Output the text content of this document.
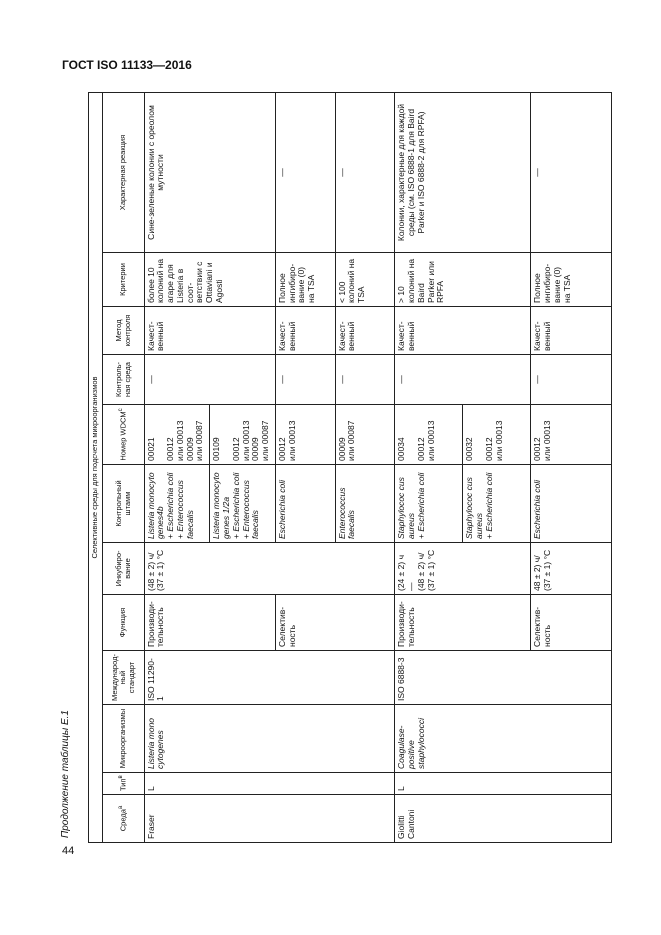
ГОСТ ISO 11133—2016
Продолжение таблицы Е.1
44
Селективные среды для подсчета микроорганизмов											
Среда$^а$	Тип$^в$	Микроорганизмы	Международный стандарт	Функция	Инкубирование	Контрольный штамм	Номер $WDCM^с$	Контрольная среда	Метод контроля	Критерии	Характерная реакция
Fraser	L	Listeria mono cytogenes	ISO 11290-1	Производительность	(48 ± 2) ч/
(37 ± 1) °С	Listeria monocyto genes4b
+ Escherichia coli
+ Enterococcus faecalis	00021

00012
или 00013
00009
или 00087	—	Качественный	более 10 колоний на агаре для Listeria в соответствии с Ottaviani и Agosti	Сине-зеленые колонии с ореолом мутности
						Listeria monocyto genes 1/2a
+ Escherichia coli
+ Enterococcus faecalis	00109

00012
или 00013
00009
или 00087				
				Селективность		Escherichia coli	00012
или 00013	—	Качественный	Полное ингибирование (0) на TSA	—
						Enterococcus faecalis	00009
или 00087	—	Качественный	< 100 колоний на TSA	—
Giolitti Cantoni	L	Coagulase-positive staphylococci	ISO 6888-3	Производительность	(24 ± 2) ч —
(48 ± 2) ч/
(37 ± 1) °С	Staphylococ cus aureus
+ Escherichia coli	00034

00012
или 00013	—	Качественный	> 10 колоний на Baird Parker или RPFA	Колонии, характерные для каждой среды (см. ISO 6888-1 для Baird Parker и ISO 6888-2 для RPFA)
						Staphylococ cus aureus
+ Escherichia coli	00032

00012
или 00013				
				Селективность	48 ± 2) ч/
(37 ± 1) °С	Escherichia coli	00012
или 00013	—	Качественный	Полное ингибирование (0) на TSA	—
